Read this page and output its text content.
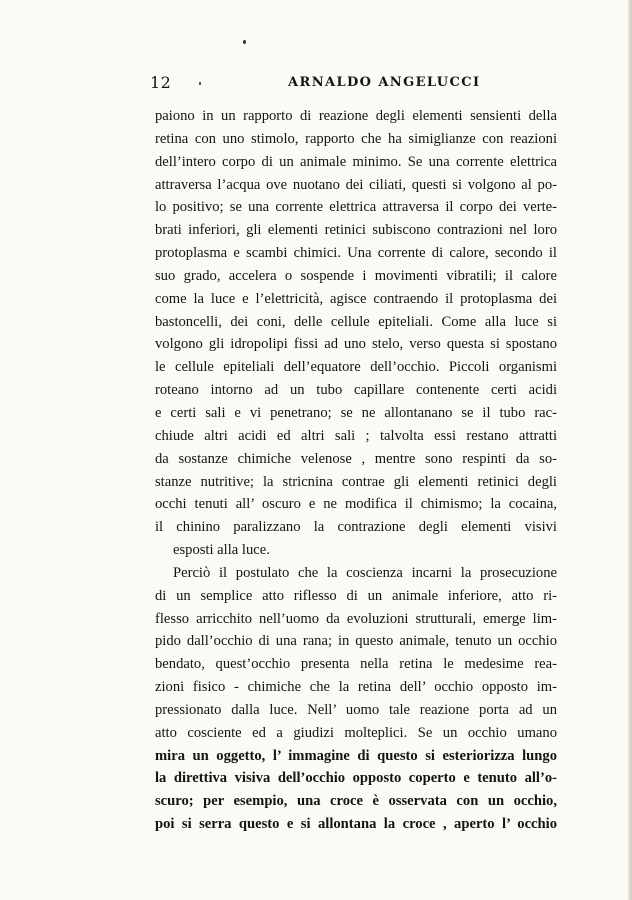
12	ARNALDO ANGELUCCI
paiono in un rapporto di reazione degli elementi sensienti della
retina con uno stimolo, rapporto che ha simiglianze con reazioni
dell’intero corpo di un animale minimo. Se una corrente elettrica
attraversa l’acqua ove nuotano dei ciliati, questi si volgono al po-
lo positivo; se una corrente elettrica attraversa il corpo dei verte-
brati inferiori, gli elementi retinici subiscono contrazioni nel loro
protoplasma e scambi chimici. Una corrente di calore, secondo il
suo grado, accelera o sospende i movimenti vibratili; il calore
come la luce e l’elettricità, agisce contraendo il protoplasma dei
bastoncelli, dei coni, delle cellule epiteliali. Come alla luce si
volgono gli idropolipi fissi ad uno stelo, verso questa si spostano
le cellule epiteliali dell’equatore dell’occhio. Piccoli organismi
roteano intorno ad un tubo capillare contenente certi acidi
e certi sali e vi penetrano; se ne allontanano se il tubo rac-
chiude altri acidi ed altri sali ; talvolta essi restano attratti
da sostanze chimiche velenose , mentre sono respinti da so-
stanze nutritive; la stricnina contrae gli elementi retinici degli
occhi tenuti all’ oscuro e ne modifica il chimismo; la cocaina,
il chinino paralizzano la contrazione degli elementi visivi
esposti alla luce.
Perciò il postulato che la coscienza incarni la prosecuzione
di un semplice atto riflesso di un animale inferiore, atto ri-
flesso arricchito nell’uomo da evoluzioni strutturali, emerge lim-
pido dall’occhio di una rana; in questo animale, tenuto un occhio
bendato, quest’occhio presenta nella retina le medesime rea-
zioni fisico - chimiche che la retina dell’ occhio opposto im-
pressionato dalla luce. Nell’ uomo tale reazione porta ad un
atto cosciente ed a giudizi molteplici. Se un occhio umano
mira un oggetto, l’ immagine di questo si esteriorizza lungo
la direttiva visiva dell’occhio opposto coperto e tenuto all’o-
scuro; per esempio, una croce è osservata con un occhio,
poi si serra questo e si allontana la croce , aperto l’ occhio
